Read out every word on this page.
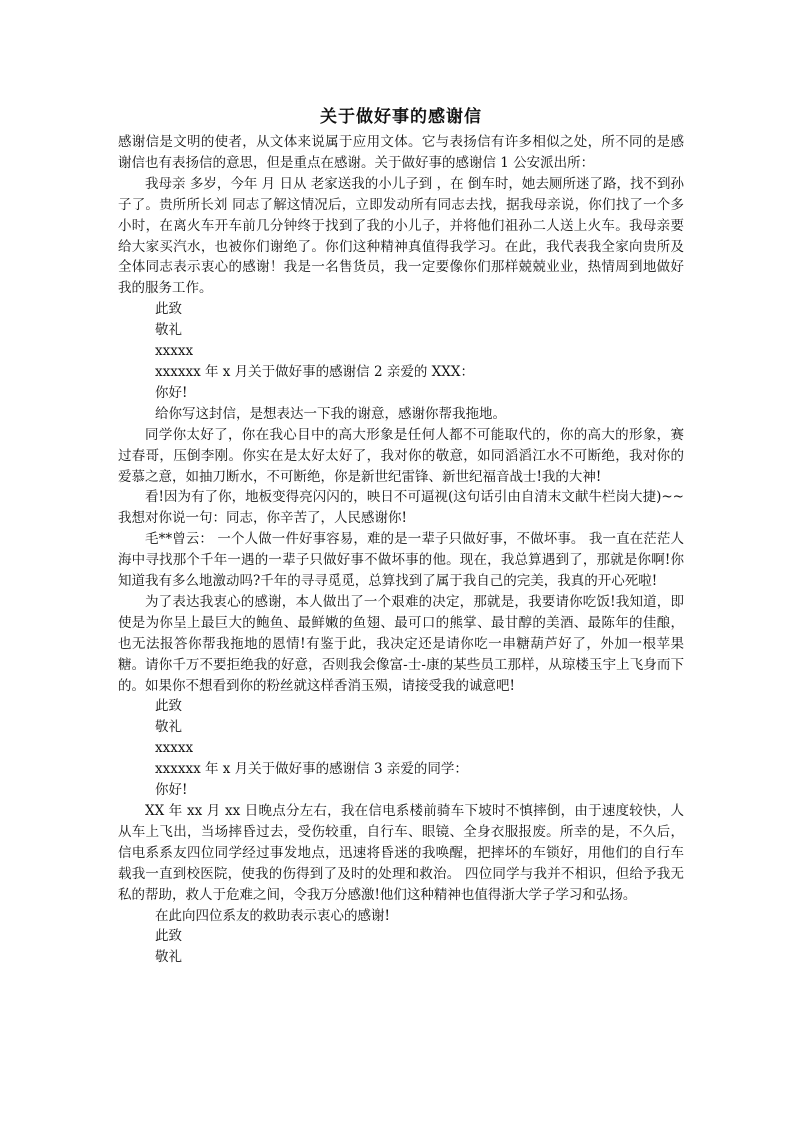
关于做好事的感谢信

感谢信是文明的使者，从文体来说属于应用文体。它与表扬信有许多相似之处，所不同的是感谢信也有表扬信的意思，但是重点在感谢。关于做好事的感谢信 1 公安派出所：

我母亲 多岁，今年 月 日从 老家送我的小儿子到 ，在 倒车时，她去厕所迷了路，找不到孙子了。贵所所长刘 同志了解这情况后，立即发动所有同志去找，据我母亲说，你们找了一个多小时，在离火车开车前几分钟终于找到了我的小儿子，并将他们祖孙二人送上火车。我母亲要给大家买汽水，也被你们谢绝了。你们这种精神真值得我学习。在此，我代表我全家向贵所及全体同志表示衷心的感谢！我是一名售货员，我一定要像你们那样兢兢业业，热情周到地做好我的服务工作。

此致

敬礼

xxxxx

xxxxxx 年 x 月关于做好事的感谢信 2 亲爱的 XXX：

你好!

给你写这封信，是想表达一下我的谢意，感谢你帮我拖地。

同学你太好了，你在我心目中的高大形象是任何人都不可能取代的，你的高大的形象，赛过春哥，压倒李刚。你实在是太好太好了，我对你的敬意，如同滔滔江水不可断绝，我对你的爱慕之意，如抽刀断水，不可断绝，你是新世纪雷锋、新世纪福音战士!我的大神!

看!因为有了你，地板变得亮闪闪的，映日不可逼视(这句话引由自清末文献牛栏岗大捷)~~我想对你说一句：同志，你辛苦了，人民感谢你!

毛**曾云： 一个人做一件好事容易，难的是一辈子只做好事，不做坏事。 我一直在茫茫人海中寻找那个千年一遇的一辈子只做好事不做坏事的他。现在，我总算遇到了，那就是你啊!你知道我有多么地激动吗?千年的寻寻觅觅，总算找到了属于我自己的完美，我真的开心死啦!

为了表达我衷心的感谢，本人做出了一个艰难的决定，那就是，我要请你吃饭!我知道，即使是为你呈上最巨大的鲍鱼、最鲜嫩的鱼翅、最可口的熊掌、最甘醇的美酒、最陈年的佳酿，也无法报答你帮我拖地的恩情!有鉴于此，我决定还是请你吃一串糖葫芦好了，外加一根苹果糖。请你千万不要拒绝我的好意，否则我会像富-士-康的某些员工那样，从琼楼玉宇上飞身而下的。如果你不想看到你的粉丝就这样香消玉殒，请接受我的诚意吧!

此致

敬礼

xxxxx

xxxxxx 年 x 月关于做好事的感谢信 3 亲爱的同学：

你好!

XX 年 xx 月 xx 日晚点分左右，我在信电系楼前骑车下坡时不慎摔倒，由于速度较快，人从车上飞出，当场摔昏过去，受伤较重，自行车、眼镜、全身衣服报废。所幸的是，不久后，信电系系友四位同学经过事发地点，迅速将昏迷的我唤醒，把摔坏的车锁好，用他们的自行车载我一直到校医院，使我的伤得到了及时的处理和救治。 四位同学与我并不相识，但给予我无私的帮助，救人于危难之间，令我万分感激!他们这种精神也值得浙大学子学习和弘扬。

在此向四位系友的救助表示衷心的感谢!

此致

敬礼
